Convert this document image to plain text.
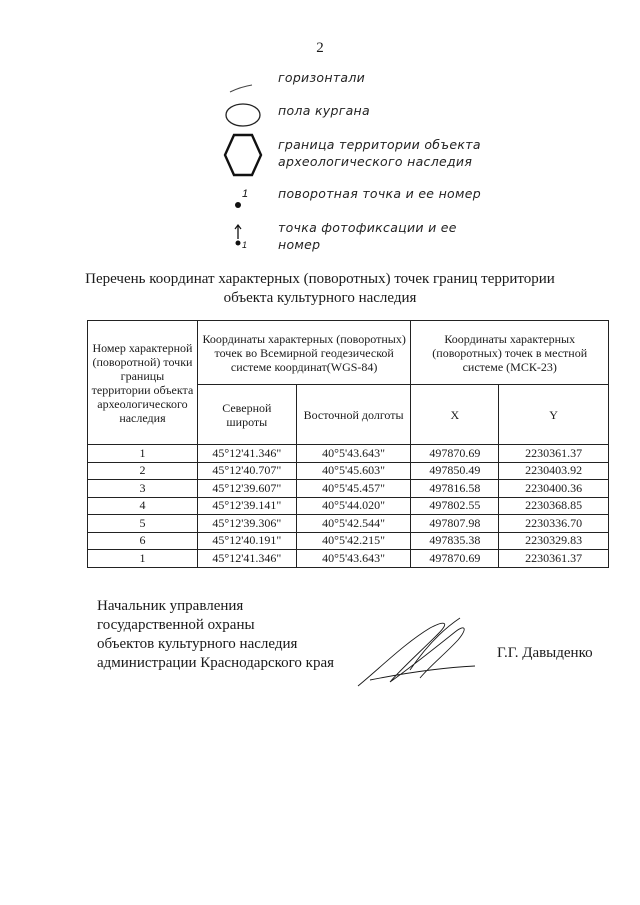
2
горизонтали
пола кургана
граница территории объекта археологического наследия
1 поворотная точка и ее номер
1
точка фотофиксации и ее номер
Перечень координат характерных (поворотных) точек границ территории
объекта культурного наследия
Номер характерной (поворотной) точки границы территории объекта археологического наследия	Координаты характерных (поворотных) точек во Всемирной геодезической системе координат(WGS-84)		Координаты характерных (поворотных) точек в местной системе (МСК-23)	
	Северной широты	Восточной долготы	X	Y
1	45°12'41.346"	40°5'43.643"	497870.69	2230361.37
2	45°12'40.707"	40°5'45.603"	497850.49	2230403.92
3	45°12'39.607"	40°5'45.457"	497816.58	2230400.36
4	45°12'39.141"	40°5'44.020"	497802.55	2230368.85
5	45°12'39.306"	40°5'42.544"	497807.98	2230336.70
6	45°12'40.191"	40°5'42.215"	497835.38	2230329.83
1	45°12'41.346"	40°5'43.643"	497870.69	2230361.37
Начальник управления
государственной охраны
объектов культурного наследия
администрации Краснодарского края
Г.Г. Давыденко
